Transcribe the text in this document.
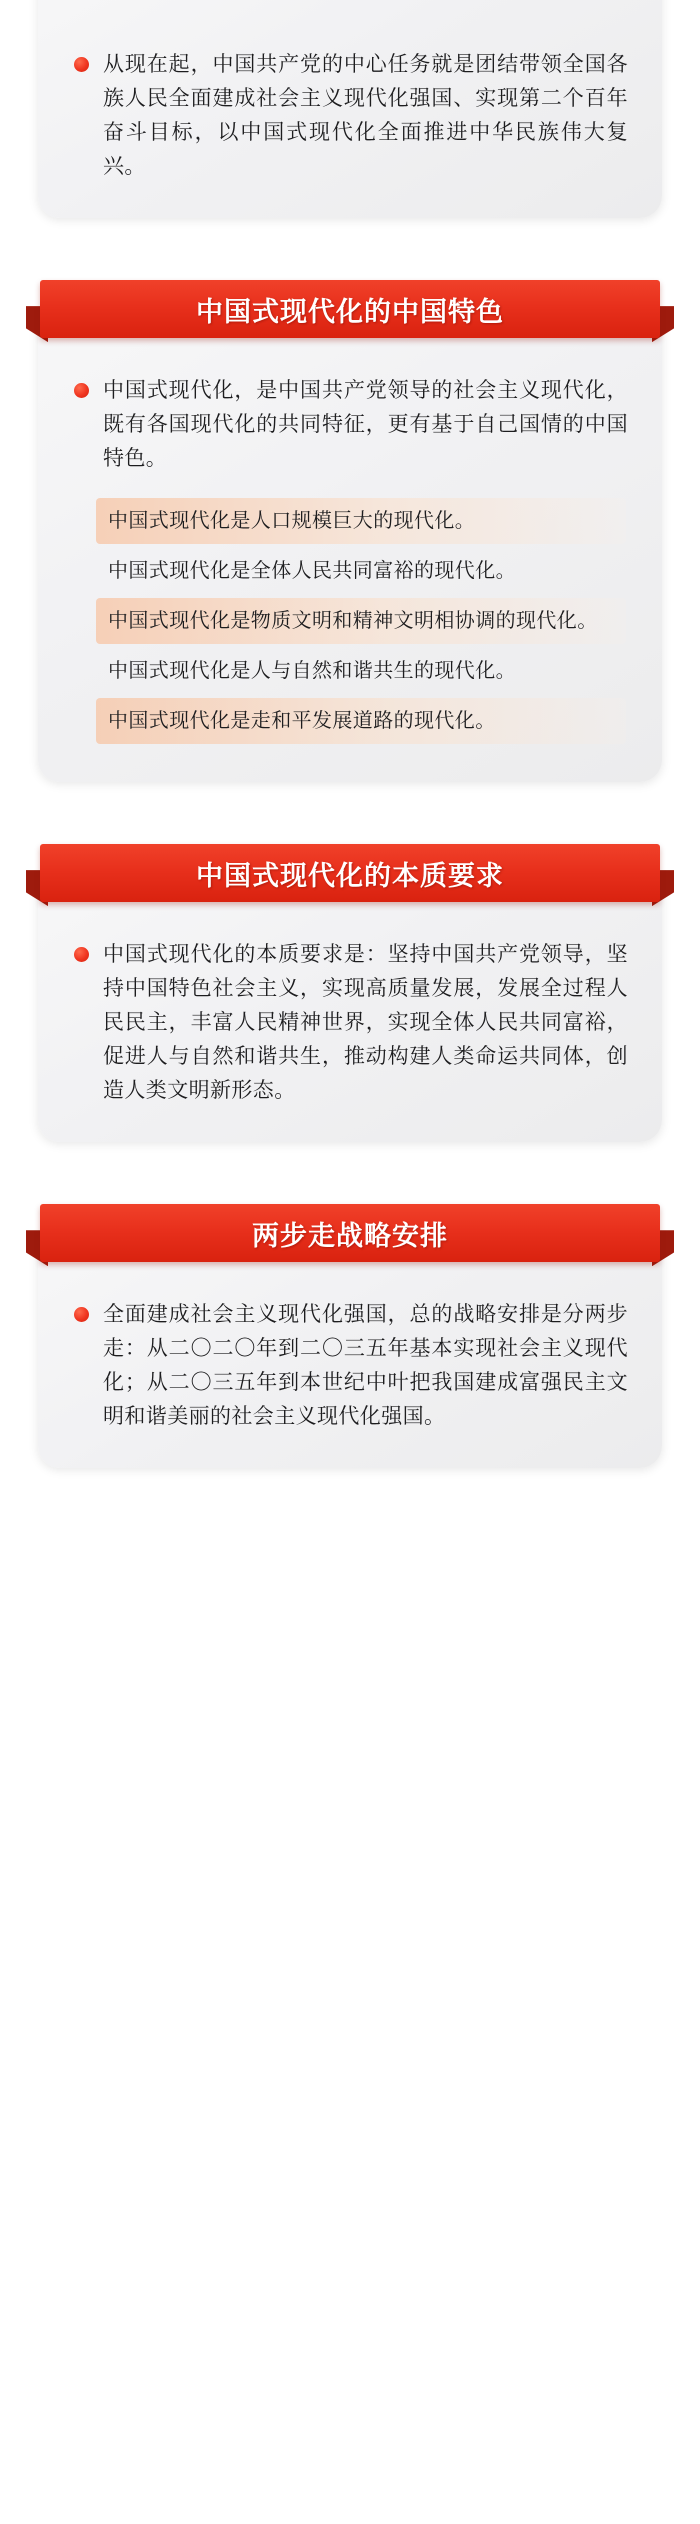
从现在起，中国共产党的中心任务就是团结带领全国各族人民全面建成社会主义现代化强国、实现第二个百年奋斗目标，以中国式现代化全面推进中华民族伟大复兴。
中国式现代化的中国特色
中国式现代化，是中国共产党领导的社会主义现代化，既有各国现代化的共同特征，更有基于自己国情的中国特色。
中国式现代化是人口规模巨大的现代化。
中国式现代化是全体人民共同富裕的现代化。
中国式现代化是物质文明和精神文明相协调的现代化。
中国式现代化是人与自然和谐共生的现代化。
中国式现代化是走和平发展道路的现代化。
中国式现代化的本质要求
中国式现代化的本质要求是：坚持中国共产党领导，坚持中国特色社会主义，实现高质量发展，发展全过程人民民主，丰富人民精神世界，实现全体人民共同富裕，促进人与自然和谐共生，推动构建人类命运共同体，创造人类文明新形态。
两步走战略安排
全面建成社会主义现代化强国，总的战略安排是分两步走：从二〇二〇年到二〇三五年基本实现社会主义现代化；从二〇三五年到本世纪中叶把我国建成富强民主文明和谐美丽的社会主义现代化强国。
